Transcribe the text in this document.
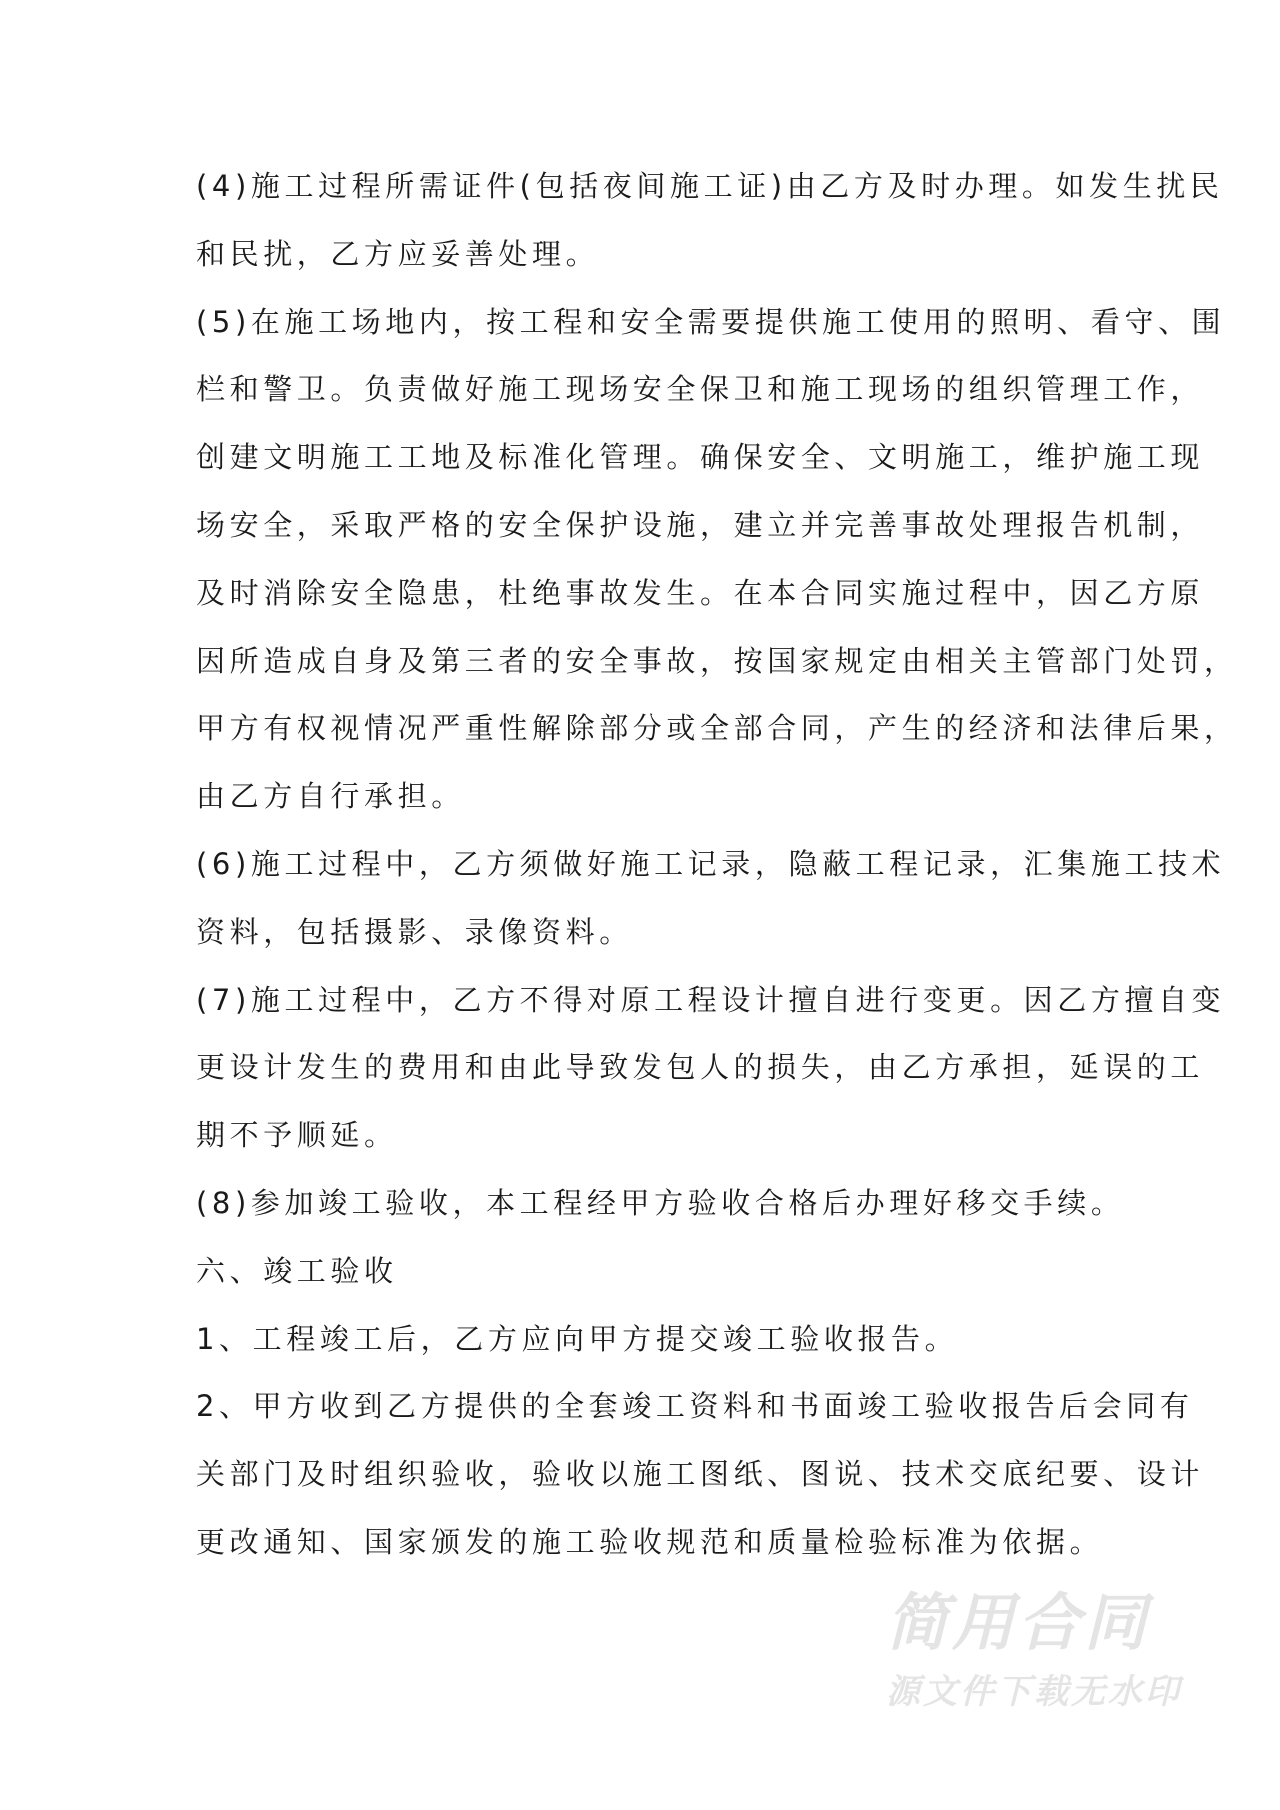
(4)施工过程所需证件(包括夜间施工证)由乙方及时办理。如发生扰民
和民扰，乙方应妥善处理。
(5)在施工场地内，按工程和安全需要提供施工使用的照明、看守、围
栏和警卫。负责做好施工现场安全保卫和施工现场的组织管理工作，
创建文明施工工地及标准化管理。确保安全、文明施工，维护施工现
场安全，采取严格的安全保护设施，建立并完善事故处理报告机制，
及时消除安全隐患，杜绝事故发生。在本合同实施过程中，因乙方原
因所造成自身及第三者的安全事故，按国家规定由相关主管部门处罚，
甲方有权视情况严重性解除部分或全部合同，产生的经济和法律后果，
由乙方自行承担。
(6)施工过程中，乙方须做好施工记录，隐蔽工程记录，汇集施工技术
资料，包括摄影、录像资料。
(7)施工过程中，乙方不得对原工程设计擅自进行变更。因乙方擅自变
更设计发生的费用和由此导致发包人的损失，由乙方承担，延误的工
期不予顺延。
(8)参加竣工验收，本工程经甲方验收合格后办理好移交手续。
六、竣工验收
1、工程竣工后，乙方应向甲方提交竣工验收报告。
2、甲方收到乙方提供的全套竣工资料和书面竣工验收报告后会同有
关部门及时组织验收，验收以施工图纸、图说、技术交底纪要、设计
更改通知、国家颁发的施工验收规范和质量检验标准为依据。
简用合同
源文件下载无水印
